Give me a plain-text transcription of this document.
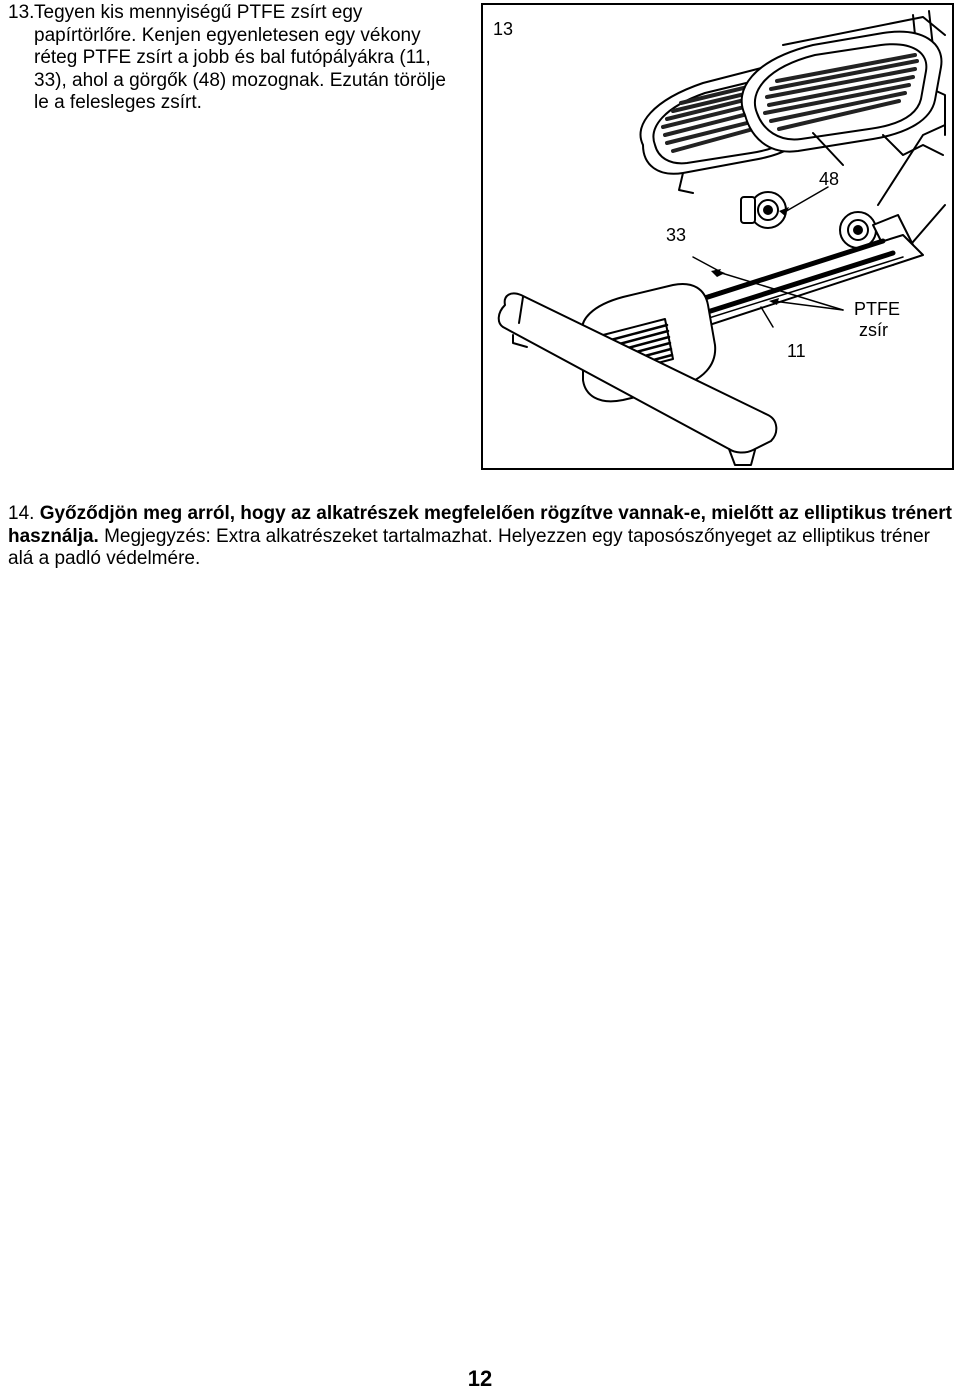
13. Tegyen kis mennyiségű PTFE zsírt egy papírtörlőre. Kenjen egyenletesen egy vékony réteg PTFE zsírt a jobb és bal futópályákra (11, 33), ahol a görgők (48) mozognak. Ezután törölje le a felesleges zsírt.
13
48
33
11
PTFE
zsír
14. Győződjön meg arról, hogy az alkatrészek megfelelően rögzítve vannak-e, mielőtt az elliptikus trénert használja. Megjegyzés: Extra alkatrészeket tartalmazhat. Helyezzen egy taposószőnyeget az elliptikus tréner alá a padló védelmére.
12
